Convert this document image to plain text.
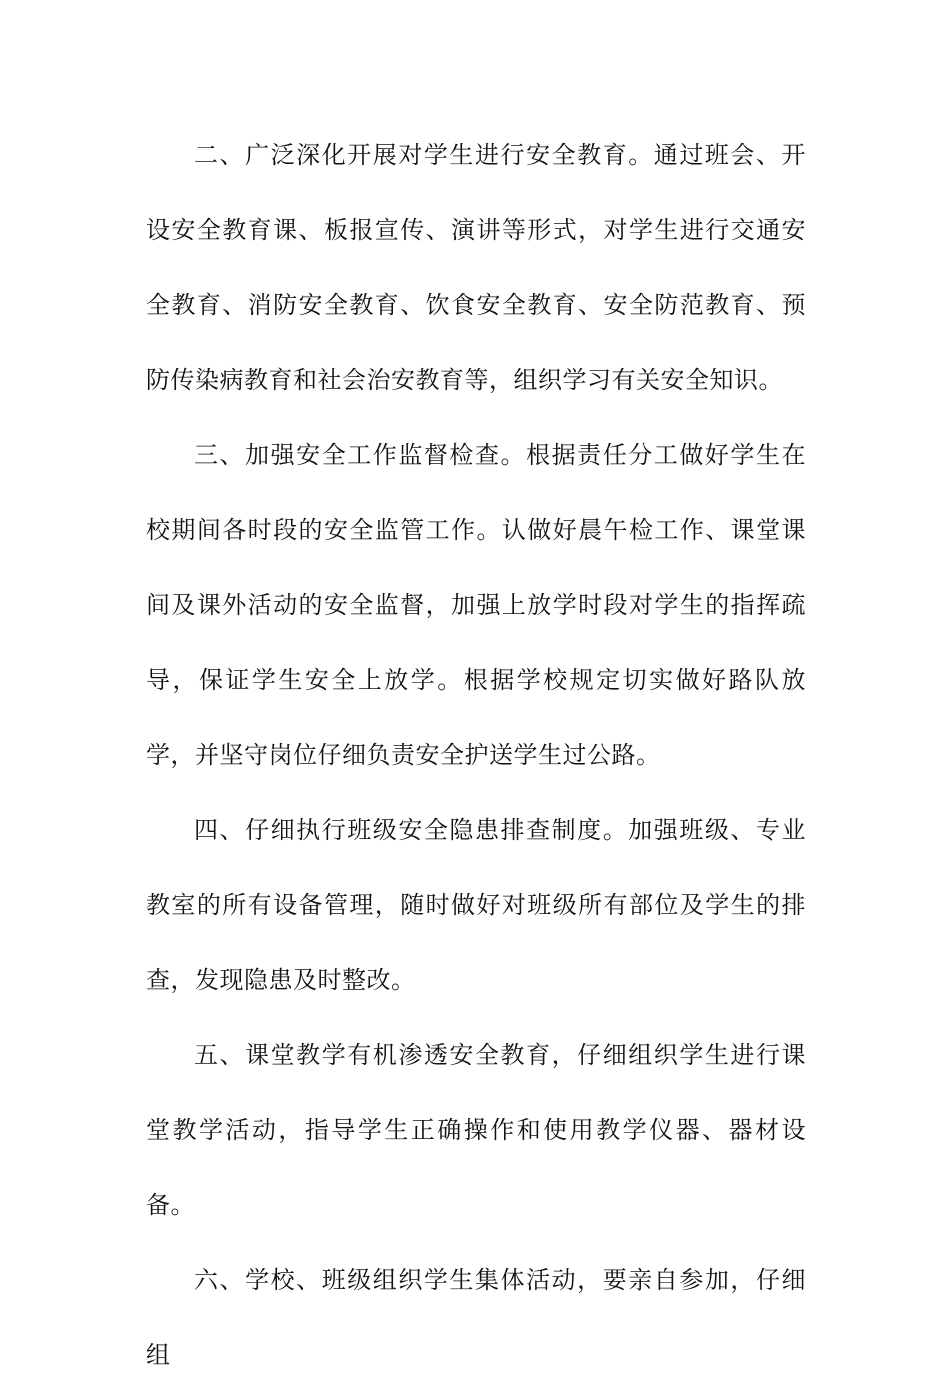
二、广泛深化开展对学生进行安全教育。通过班会、开设安全教育课、板报宣传、演讲等形式，对学生进行交通安全教育、消防安全教育、饮食安全教育、安全防范教育、预防传染病教育和社会治安教育等，组织学习有关安全知识。

三、加强安全工作监督检查。根据责任分工做好学生在校期间各时段的安全监管工作。认做好晨午检工作、课堂课间及课外活动的安全监督，加强上放学时段对学生的指挥疏导，保证学生安全上放学。根据学校规定切实做好路队放学，并坚守岗位仔细负责安全护送学生过公路。

四、仔细执行班级安全隐患排查制度。加强班级、专业教室的所有设备管理，随时做好对班级所有部位及学生的排查，发现隐患及时整改。

五、课堂教学有机渗透安全教育，仔细组织学生进行课堂教学活动，指导学生正确操作和使用教学仪器、器材设备。

六、学校、班级组织学生集体活动，要亲自参加，仔细组
